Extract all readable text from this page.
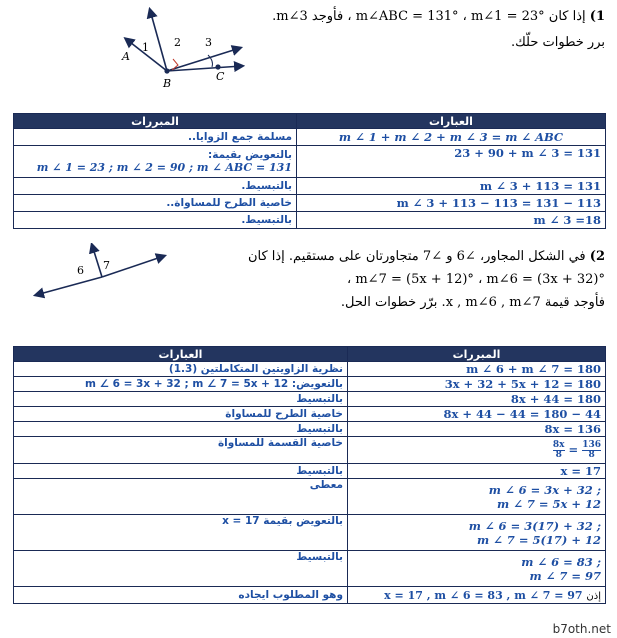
1 2 3
A
B
C
1) إذا كان ‎m∠ABC = 131°‎ ، ‎m∠1 = 23°‎ ، فأوجد ‎m∠3‎.
برر خطوات حلّك.
المبررات	العبارات
مسلمة جمع الزوايا..	m ∠ 1 + m ∠ 2 + m ∠ 3 = m ∠ ABC
بالتعويض بقيمة:
m ∠ 1 = 23 ; m ∠ 2 = 90 ; m ∠ ABC = 131	23 + 90 + m ∠ 3 = 131
بالتبسيط.	m ∠ 3 + 113 = 131
خاصية الطرح للمساواة..	m ∠ 3 + 113 − 113 = 131 − 113
بالتبسيط.	m ∠ 3 =18
6 7
2) في الشكل المجاور، ∠6 و ∠7 متجاورتان على مستقيم. إذا كان
‎m∠7 = (5x + 12)° ، m∠6 = (3x + 32)°‎ ،
فأوجد قيمة ‎x , m∠6 , m∠7‎. برّر خطوات الحل.
العبارات	المبررات
نظرية الزاويتين المتكاملتين (1.3)	m ∠ 6 + m ∠ 7 = 180
بالتعويض: m ∠ 6 = 3x + 32 ; m ∠ 7 = 5x + 12	3x + 32 + 5x + 12 = 180
بالتبسيط	8x + 44 = 180
خاصية الطرح للمساواة	8x + 44 − 44 = 180 − 44
بالتبسيط	8x = 136
خاصية القسمة للمساواة	$\frac{8x}{8} = \frac{136}{8}$

بالتبسيط	x = 17
معطى	m ∠ 6 = 3x + 32 ;
m ∠ 7 = 5x + 12

بالتعويض بقيمة x = 17	m ∠ 6 = 3(17) + 32 ;
m ∠ 7 = 5(17) + 12

بالتبسيط	m ∠ 6 = 83 ;
m ∠ 7 = 97

وهو المطلوب ايجاده	x = 17 , m ∠ 6 = 83 , m ∠ 7 = 97 إذن
b7oth.net
